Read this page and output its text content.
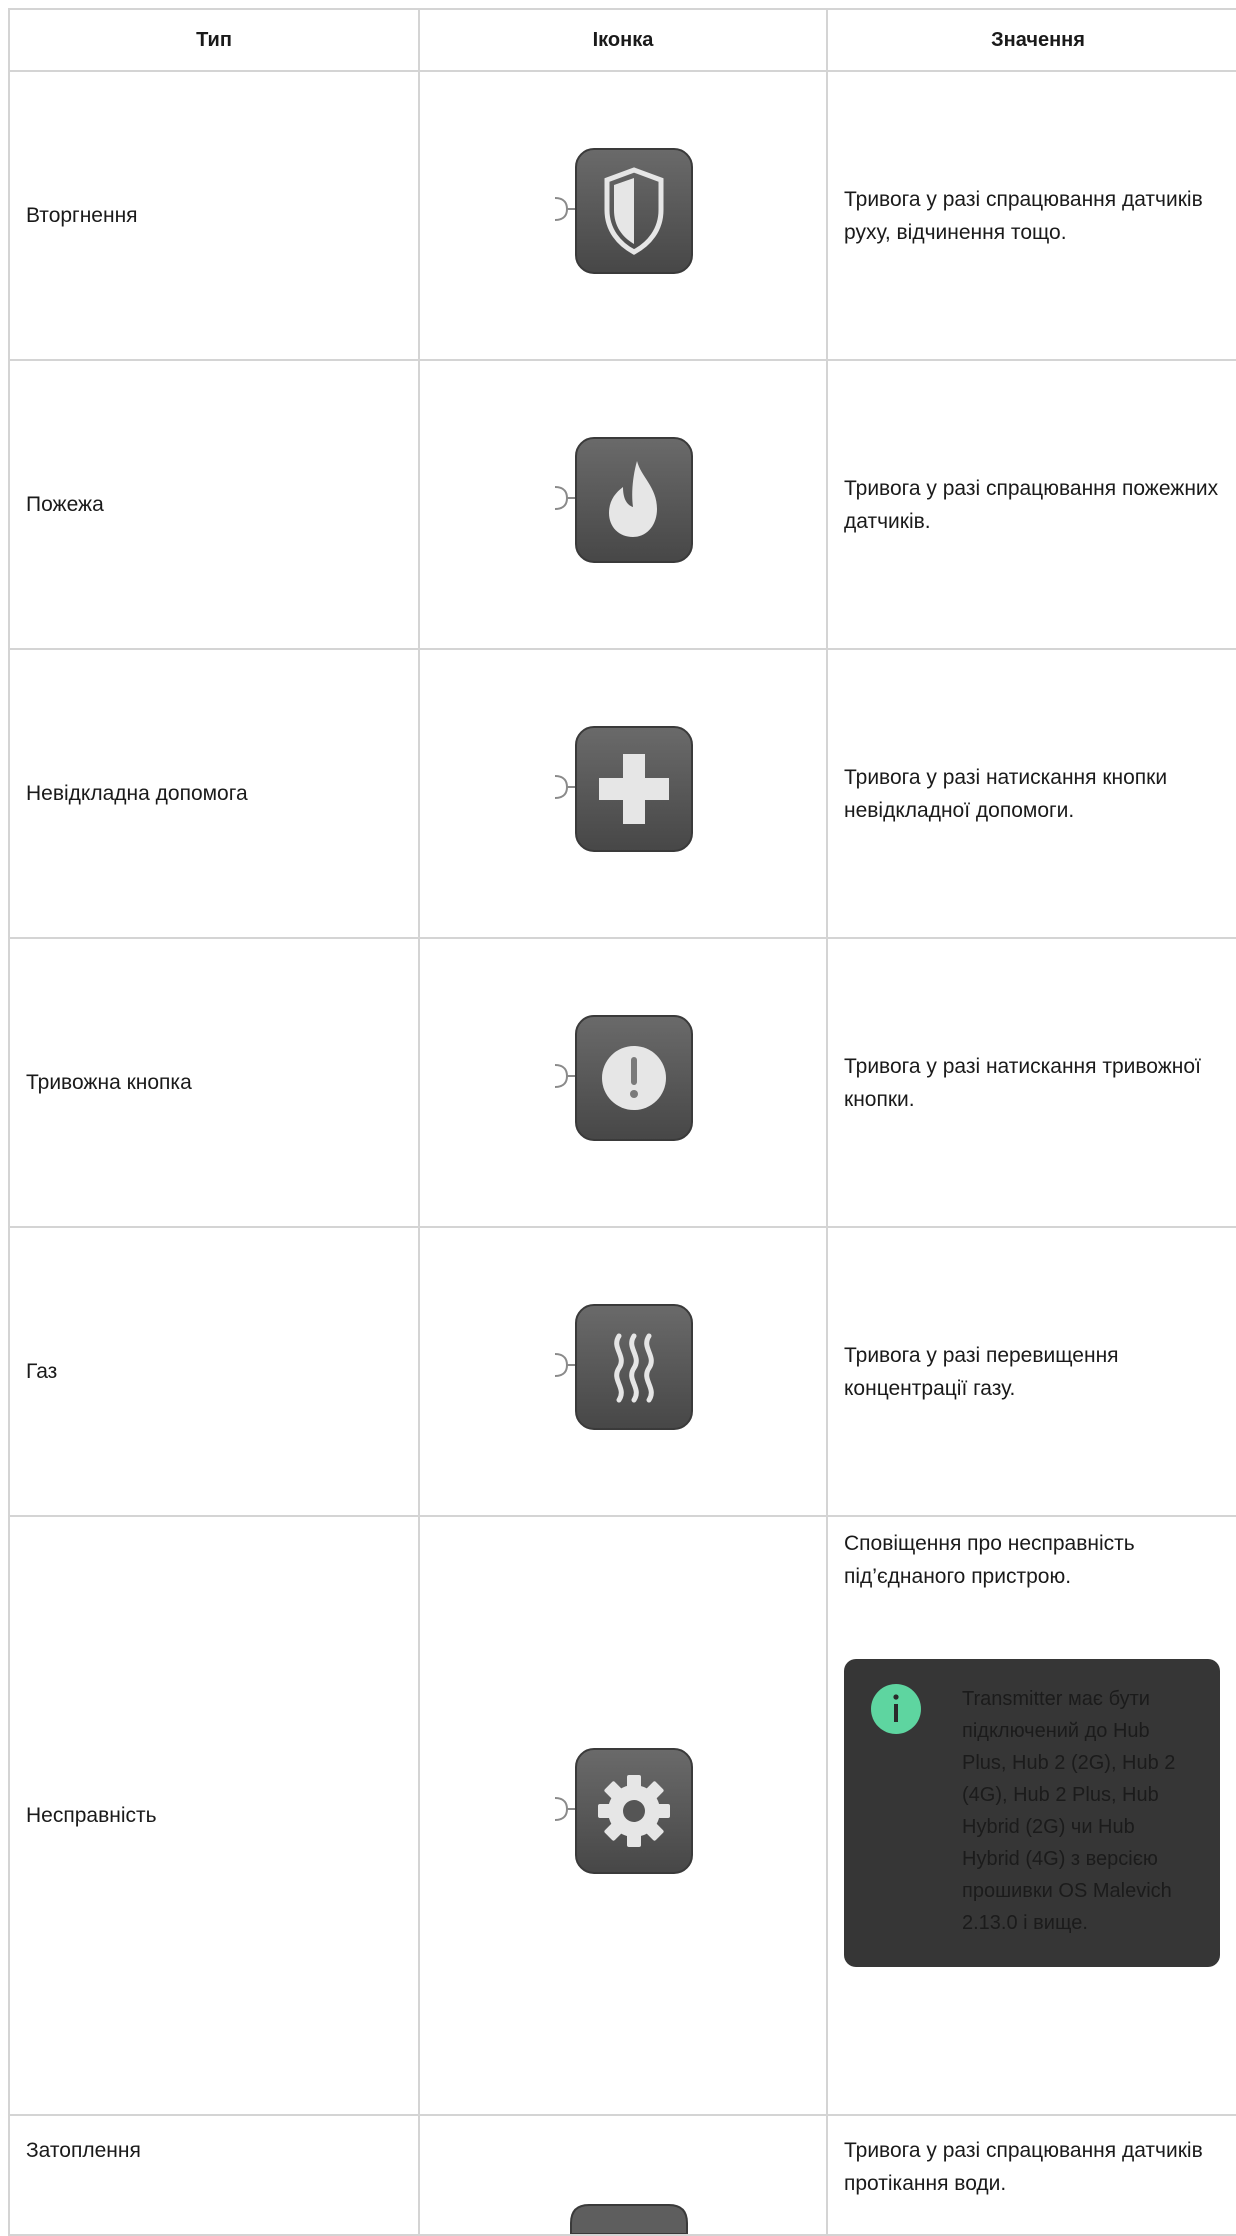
Тип	Іконка	Значення
Вторгнення		Тривога у разі спрацювання датчиків руху, відчинення тощо.
Пожежа		Тривога у разі спрацювання пожежних датчиків.
Невідкладна допомога		Тривога у разі натискання кнопки невідкладної допомоги.
Тривожна кнопка		Тривога у разі натискання тривожної кнопки.
Газ		Тривога у разі перевищення концентрації газу.
Несправність		Сповіщення про несправність під’єднаного пристрою.
Transmitter має бути підключений до Hub Plus, Hub 2 (2G), Hub 2 (4G), Hub 2 Plus, Hub Hybrid (2G) чи Hub Hybrid (4G) з версією прошивки OS Malevich 2.13.0 і вище.

Затоплення		Тривога у разі спрацювання датчиків протікання води.
